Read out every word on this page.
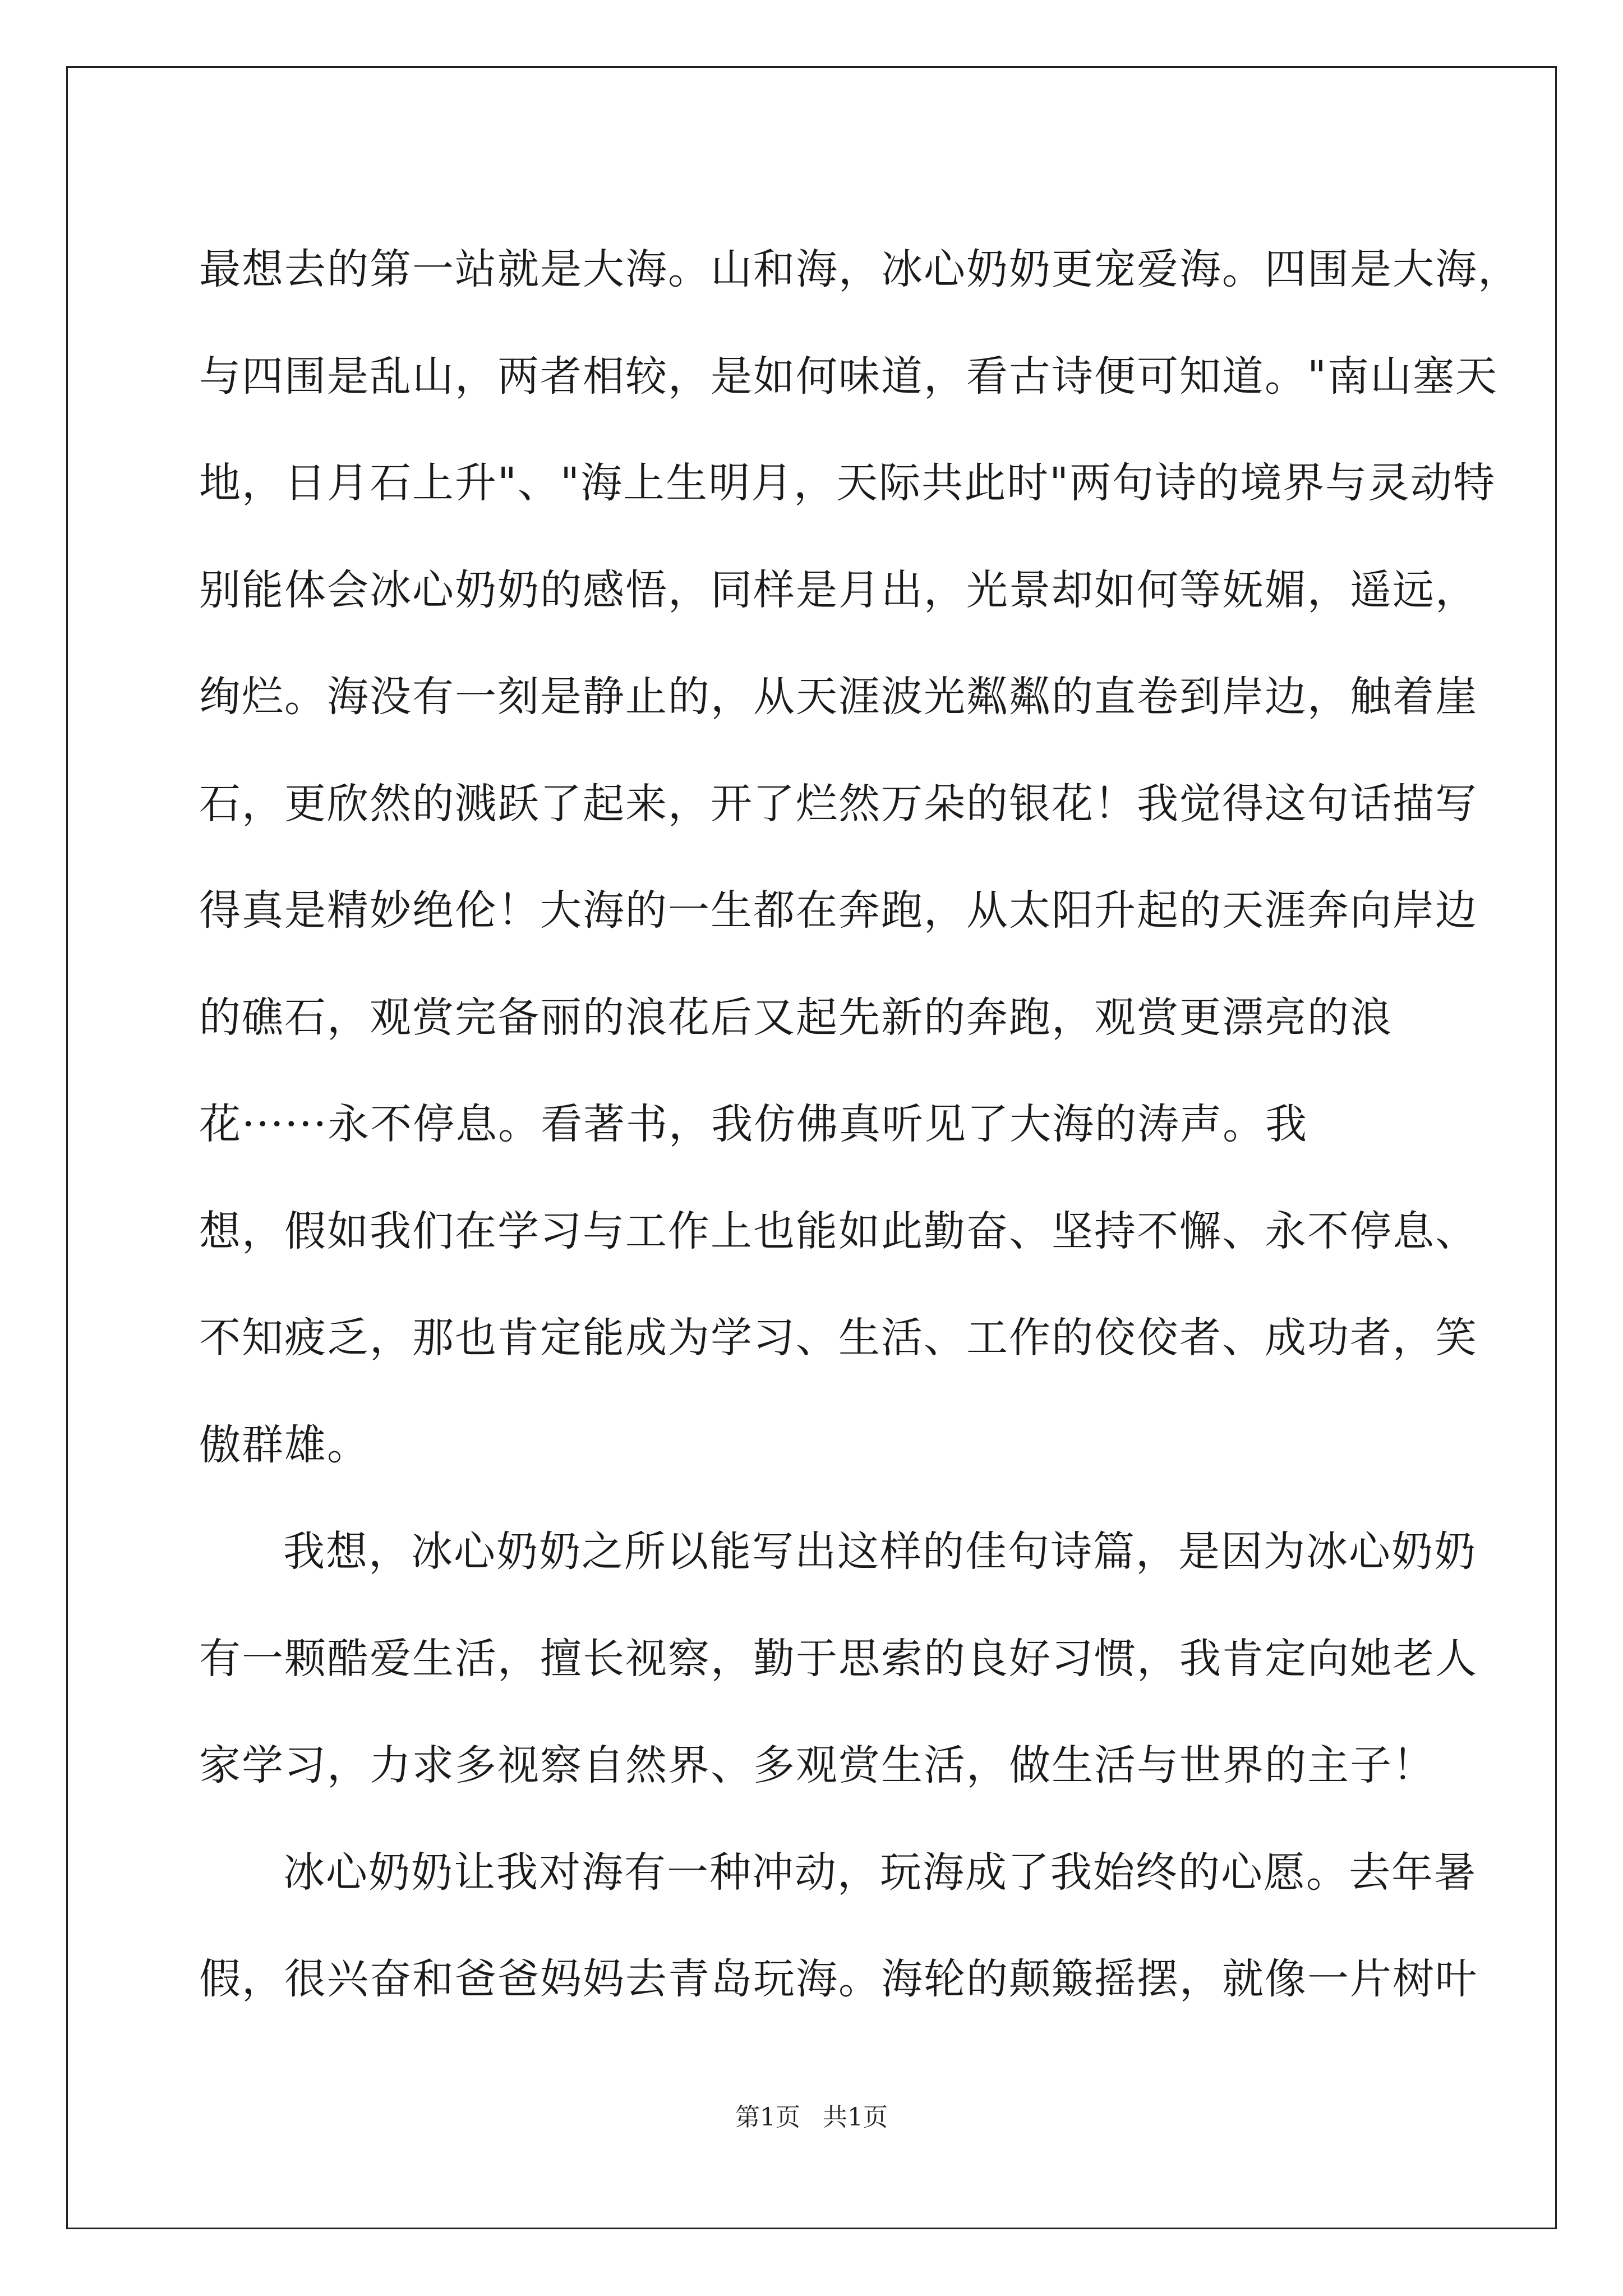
最想去的第一站就是大海。山和海，冰心奶奶更宠爱海。四围是大海，
与四围是乱山，两者相较，是如何味道，看古诗便可知道。"南山塞天
地，日月石上升"、"海上生明月，天际共此时"两句诗的境界与灵动特
别能体会冰心奶奶的感悟，同样是月出，光景却如何等妩媚，遥远，
绚烂。海没有一刻是静止的，从天涯波光粼粼的直卷到岸边，触着崖
石，更欣然的溅跃了起来，开了烂然万朵的银花！我觉得这句话描写
得真是精妙绝伦！大海的一生都在奔跑，从太阳升起的天涯奔向岸边
的礁石，观赏完备丽的浪花后又起先新的奔跑，观赏更漂亮的浪
花······永不停息。看著书，我仿佛真听见了大海的涛声。我
想，假如我们在学习与工作上也能如此勤奋、坚持不懈、永不停息、
不知疲乏，那也肯定能成为学习、生活、工作的佼佼者、成功者，笑
傲群雄。
我想，冰心奶奶之所以能写出这样的佳句诗篇，是因为冰心奶奶
有一颗酷爱生活，擅长视察，勤于思索的良好习惯，我肯定向她老人
家学习，力求多视察自然界、多观赏生活，做生活与世界的主子！
冰心奶奶让我对海有一种冲动，玩海成了我始终的心愿。去年暑
假，很兴奋和爸爸妈妈去青岛玩海。海轮的颠簸摇摆，就像一片树叶
第1页 共1页
